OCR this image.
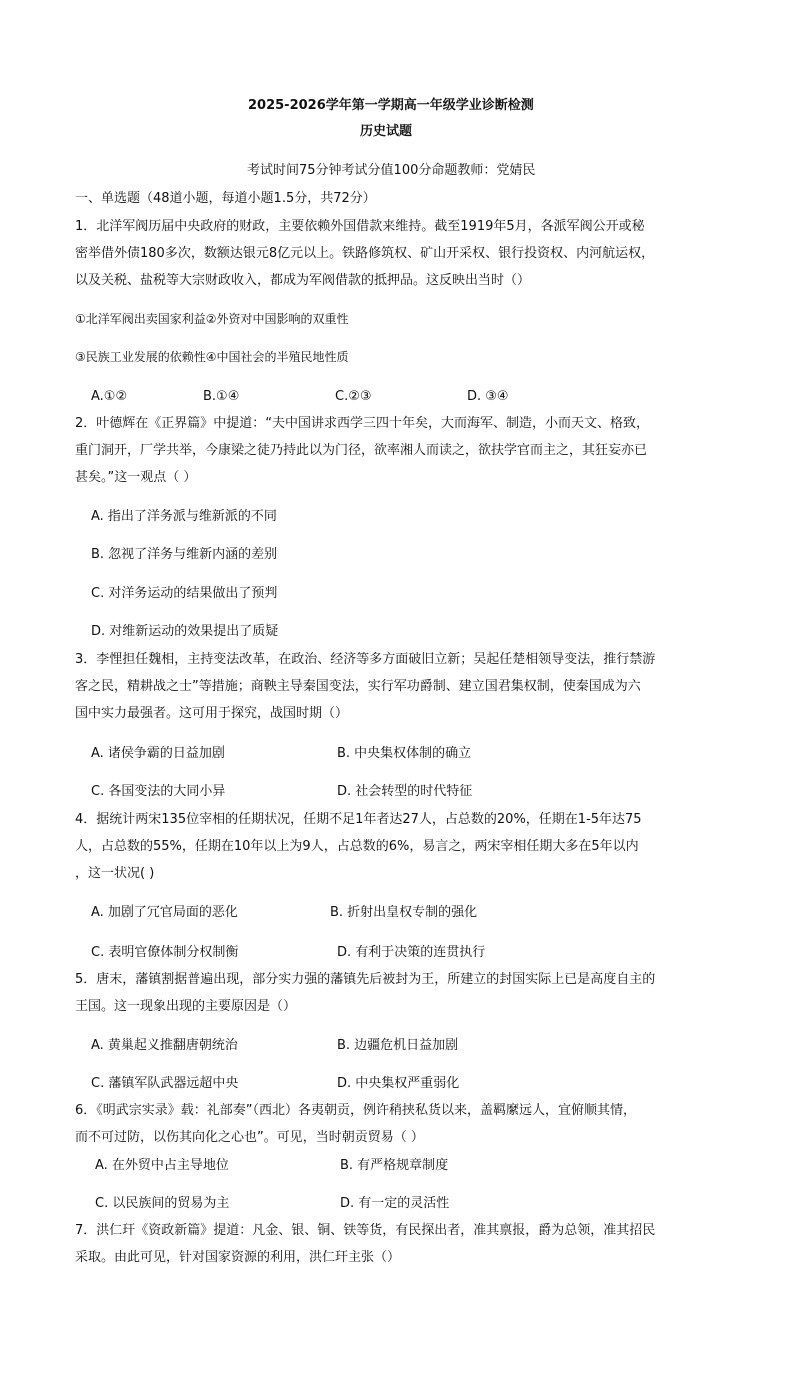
2025-2026学年第一学期高一年级学业诊断检测
历史试题
考试时间75分钟考试分值100分命题教师：党婧民
一、单选题（48道小题，每道小题1.5分，共72分）
1．北洋军阀历届中央政府的财政，主要依赖外国借款来维持。截至1919年5月，各派军阀公开或秘
密举借外债180多次，数额达银元8亿元以上。铁路修筑权、矿山开采权、银行投资权、内河航运权，
以及关税、盐税等大宗财政收入，都成为军阀借款的抵押品。这反映出当时（）
①北洋军阀出卖国家利益②外资对中国影响的双重性
③民族工业发展的依赖性④中国社会的半殖民地性质
A.①②	B.①④	C.②③	D. ③④
2．叶德辉在《正界篇》中提道：“夫中国讲求西学三四十年矣，大而海军、制造，小而天文、格致，
重门洞开，厂学共举，今康梁之徒乃持此以为门径，欲率湘人而读之，欲扶学官而主之，其狂妄亦已
甚矣。”这一观点（ ）
A. 指出了洋务派与维新派的不同
B. 忽视了洋务与维新内涵的差别
C. 对洋务运动的结果做出了预判
D. 对维新运动的效果提出了质疑
3．李悝担任魏相，主持变法改革，在政治、经济等多方面破旧立新；吴起任楚相领导变法，推行禁游
客之民，精耕战之士”等措施；商鞅主导秦国变法，实行军功爵制、建立国君集权制，使秦国成为六
国中实力最强者。这可用于探究，战国时期（）
A. 诸侯争霸的日益加剧	B. 中央集权体制的确立
C. 各国变法的大同小异	D. 社会转型的时代特征
4．据统计两宋135位宰相的任期状况，任期不足1年者达27人，占总数的20%，任期在1-5年达75
人，占总数的55%，任期在10年以上为9人，占总数的6%，易言之，两宋宰相任期大多在5年以内
，这一状况( )
A. 加剧了冗官局面的恶化	B. 折射出皇权专制的强化
C. 表明官僚体制分权制衡	D. 有利于决策的连贯执行
5．唐末，藩镇割据普遍出现，部分实力强的藩镇先后被封为王，所建立的封国实际上已是高度自主的
王国。这一现象出现的主要原因是（）
A. 黄巢起义推翻唐朝统治	B. 边疆危机日益加剧
C. 藩镇军队武器远超中央	D. 中央集权严重弱化
6．《明武宗实录》载：礼部奏”（西北）各夷朝贡，例许稍挟私货以来，盖羁縻远人，宜俯顺其情，
而不可过防，以伤其向化之心也”。可见，当时朝贡贸易（ ）
A. 在外贸中占主导地位	B. 有严格规章制度
C. 以民族间的贸易为主	D. 有一定的灵活性
7．洪仁玕《资政新篇》提道：凡金、银、铜、铁等货，有民探出者，准其禀报，爵为总领，准其招民
采取。由此可见，针对国家资源的利用，洪仁玕主张（）
